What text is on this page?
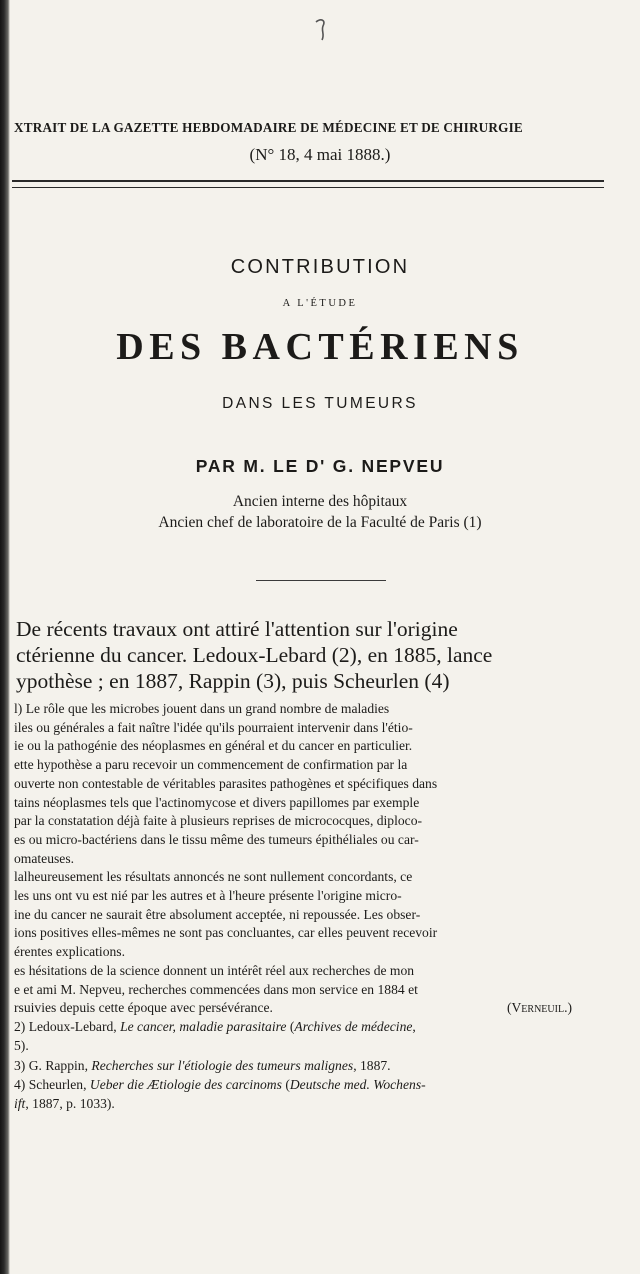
XTRAIT DE LA GAZETTE HEBDOMADAIRE DE MÉDECINE ET DE CHIRURGIE
(N° 18, 4 mai 1888.)
CONTRIBUTION
A L'ÉTUDE
DES BACTÉRIENS
DANS LES TUMEURS
PAR M. LE D' G. NEPVEU
Ancien interne des hôpitaux
Ancien chef de laboratoire de la Faculté de Paris (1)
De récents travaux ont attiré l'attention sur l'origine
ctérienne du cancer. Ledoux-Lebard (2), en 1885, lance
ypothèse ; en 1887, Rappin (3), puis Scheurlen (4)
l) Le rôle que les microbes jouent dans un grand nombre de maladies
iles ou générales a fait naître l'idée qu'ils pourraient intervenir dans l'étio-
ie ou la pathogénie des néoplasmes en général et du cancer en particulier.
ette hypothèse a paru recevoir un commencement de confirmation par la
ouverte non contestable de véritables parasites pathogènes et spécifiques dans
tains néoplasmes tels que l'actinomycose et divers papillomes par exemple
par la constatation déjà faite à plusieurs reprises de micrococques, diploco-
es ou micro-bactériens dans le tissu même des tumeurs épithéliales ou car-
omateuses.
lalheureusement les résultats annoncés ne sont nullement concordants, ce
les uns ont vu est nié par les autres et à l'heure présente l'origine micro-
ine du cancer ne saurait être absolument acceptée, ni repoussée. Les obser-
ions positives elles-mêmes ne sont pas concluantes, car elles peuvent recevoir
érentes explications.
es hésitations de la science donnent un intérêt réel aux recherches de mon
e et ami M. Nepveu, recherches commencées dans mon service en 1884 et
rsuivies depuis cette époque avec persévérance.	(Verneuil.)
2) Ledoux-Lebard, Le cancer, maladie parasitaire (Archives de médecine,
5).
3) G. Rappin, Recherches sur l'étiologie des tumeurs malignes, 1887.
4) Scheurlen, Ueber die Ætiologie des carcinoms (Deutsche med. Wochens-
ift, 1887, p. 1033).
